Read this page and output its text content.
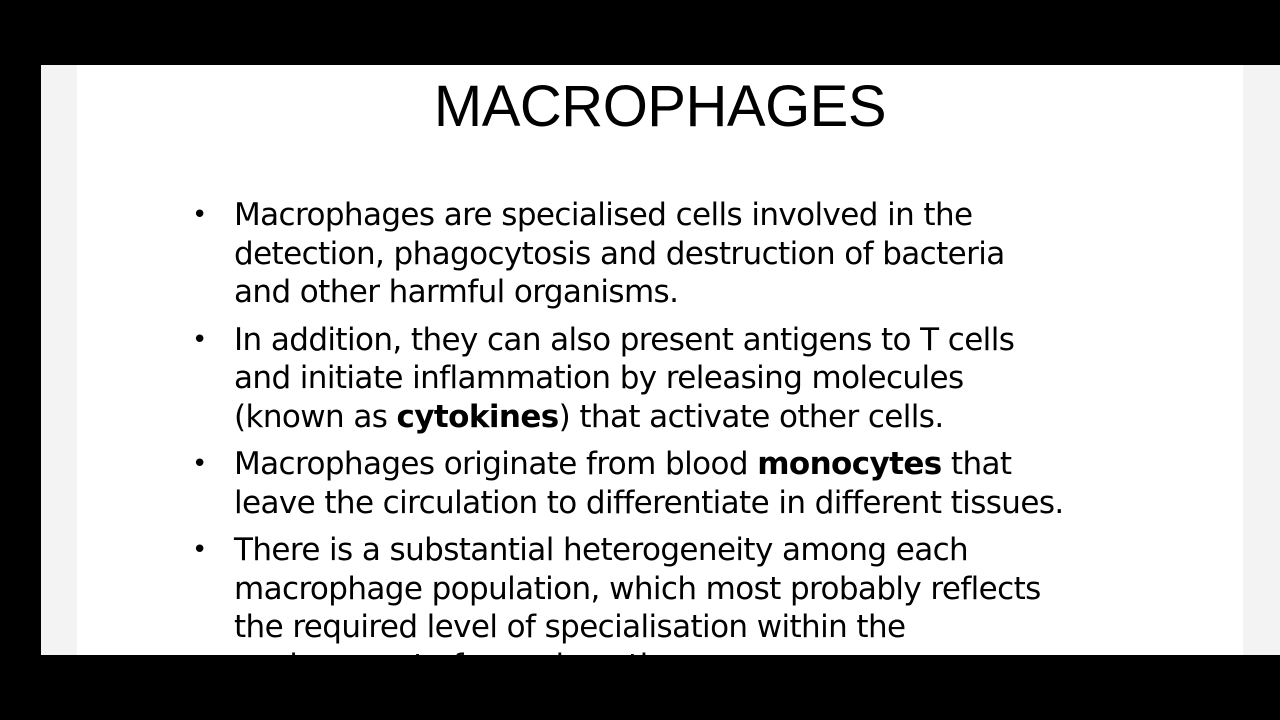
MACROPHAGES
• Macrophages are specialised cells involved in the
detection, phagocytosis and destruction of bacteria
and other harmful organisms.
• In addition, they can also present antigens to T cells
and initiate inflammation by releasing molecules
(known as cytokines) that activate other cells.
• Macrophages originate from blood monocytes that
leave the circulation to differentiate in different tissues.
• There is a substantial heterogeneity among each
macrophage population, which most probably reflects
the required level of specialisation within the
environment of any given tissue.
